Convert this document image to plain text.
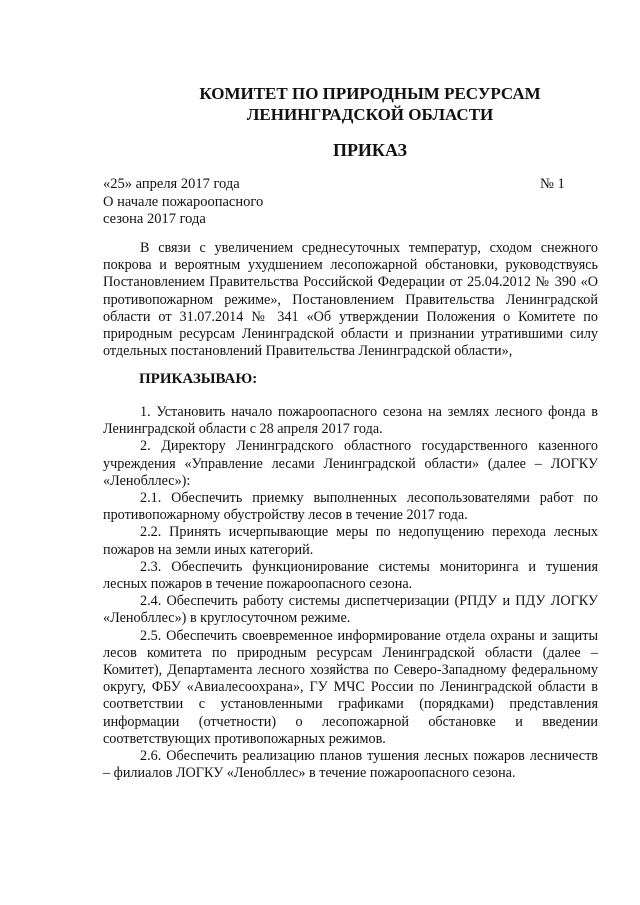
КОМИТЕТ ПО ПРИРОДНЫМ РЕСУРСАМ
ЛЕНИНГРАДСКОЙ ОБЛАСТИ
ПРИКАЗ
«25» апреля 2017 года
О начале пожароопасного
сезона 2017 года
№ 1
В связи с увеличением среднесуточных температур, сходом снежного покрова и вероятным ухудшением лесопожарной обстановки, руководствуясь Постановлением Правительства Российской Федерации от 25.04.2012 № 390 «О противопожарном режиме», Постановлением Правительства Ленинградской области от 31.07.2014 № 341 «Об утверждении Положения о Комитете по природным ресурсам Ленинградской области и признании утратившими силу отдельных постановлений Правительства Ленинградской области»,
ПРИКАЗЫВАЮ:

1. Установить начало пожароопасного сезона на землях лесного фонда в Ленинградской области с 28 апреля 2017 года.

2. Директору Ленинградского областного государственного казенного учреждения «Управление лесами Ленинградской области» (далее – ЛОГКУ «Ленобллес»):

2.1. Обеспечить приемку выполненных лесопользователями работ по противопожарному обустройству лесов в течение 2017 года.

2.2. Принять исчерпывающие меры по недопущению перехода лесных пожаров на земли иных категорий.

2.3. Обеспечить функционирование системы мониторинга и тушения лесных пожаров в течение пожароопасного сезона.

2.4. Обеспечить работу системы диспетчеризации (РПДУ и ПДУ ЛОГКУ «Ленобллес») в круглосуточном режиме.

2.5. Обеспечить своевременное информирование отдела охраны и защиты лесов комитета по природным ресурсам Ленинградской области (далее – Комитет), Департамента лесного хозяйства по Северо-Западному федеральному округу, ФБУ «Авиалесоохрана», ГУ МЧС России по Ленинградской области в соответствии с установленными графиками (порядками) представления информации (отчетности) о лесопожарной обстановке и введении соответствующих противопожарных режимов.

2.6. Обеспечить реализацию планов тушения лесных пожаров лесничеств – филиалов ЛОГКУ «Ленобллес» в течение пожароопасного сезона.
